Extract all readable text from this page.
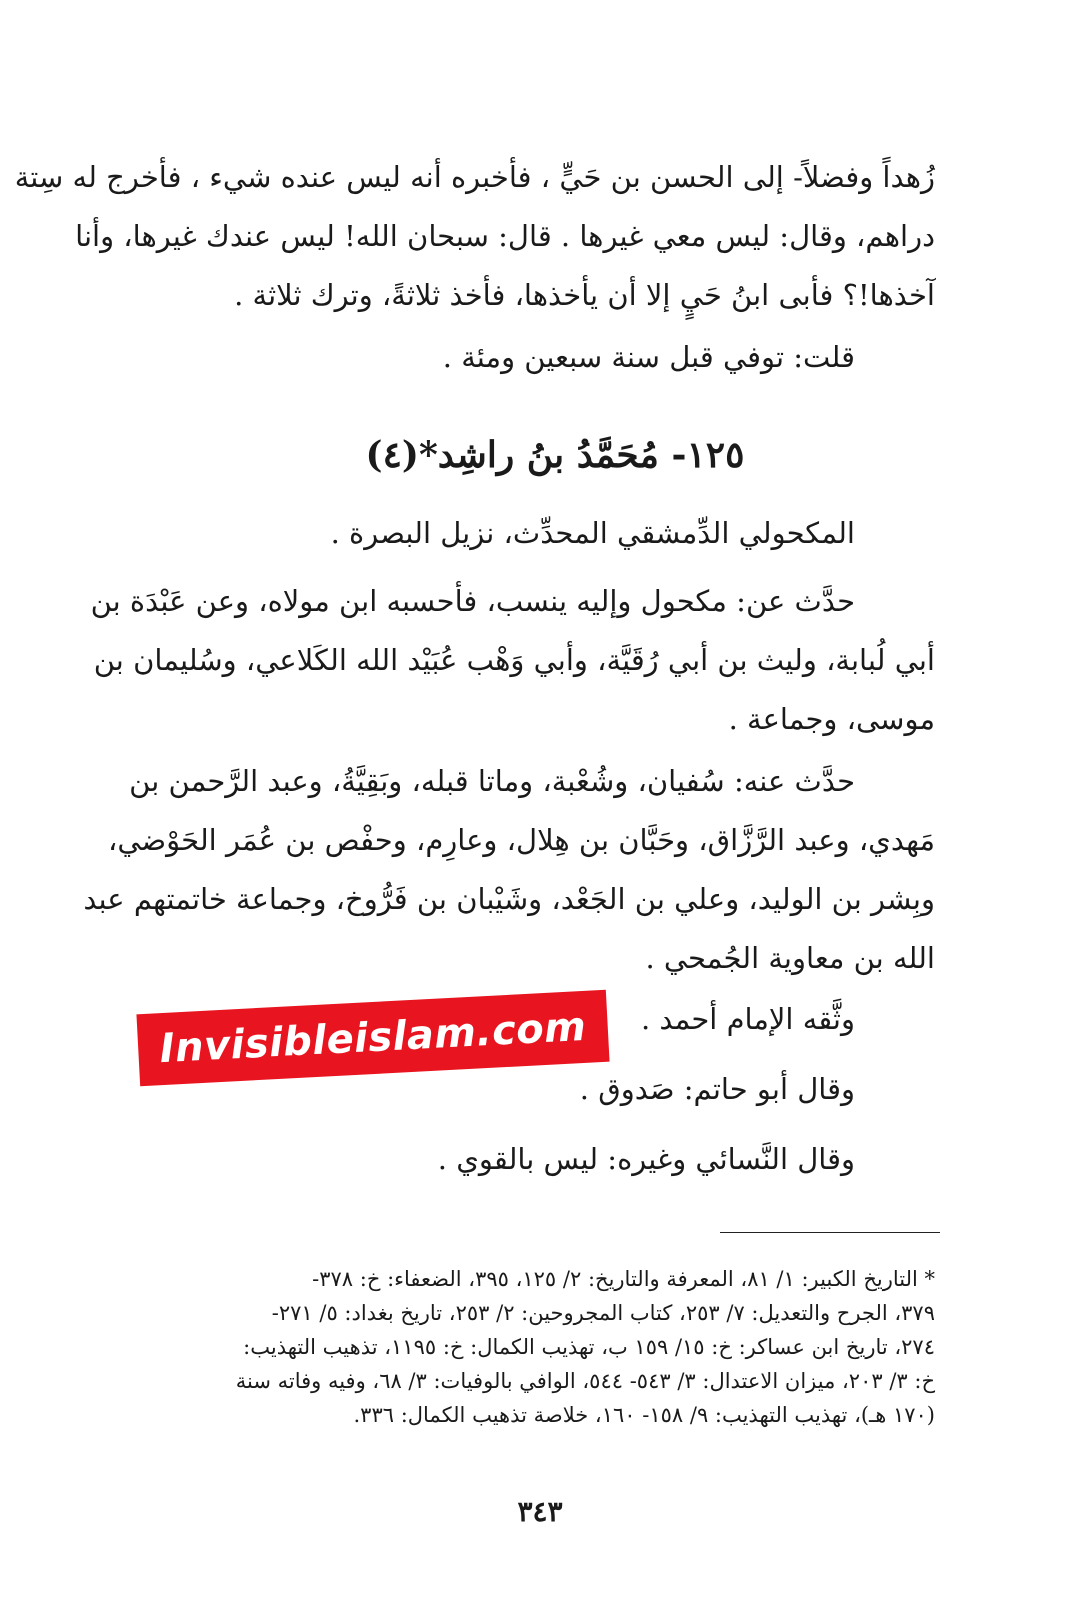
زُهداً وفضلاً- إلى الحسن بن حَيٍّ ، فأخبره أنه ليس عنده شيء ، فأخرج له سِتة
دراهم، وقال: ليس معي غيرها . قال: سبحان الله! ليس عندك غيرها، وأنا
آخذها!؟ فأبى ابنُ حَيٍ إلا أن يأخذها، فأخذ ثلاثةً، وترك ثلاثة .
قلت: توفي قبل سنة سبعين ومئة .
١٢٥- مُحَمَّدُ بنُ راشِد*(٤)
المكحولي الدِّمشقي المحدِّث، نزيل البصرة .
حدَّث عن: مكحول وإليه ينسب، فأحسبه ابن مولاه، وعن عَبْدَة بن
أبي لُبابة، وليث بن أبي رُقَيَّة، وأبي وَهْب عُبَيْد الله الكَلاعي، وسُليمان بن
موسى، وجماعة .
حدَّث عنه: سُفيان، وشُعْبة، وماتا قبله، وبَقِيَّةُ، وعبد الرَّحمن بن
مَهدي، وعبد الرَّزَّاق، وحَبَّان بن هِلال، وعارِم، وحفْص بن عُمَر الحَوْضي،
وبِشر بن الوليد، وعلي بن الجَعْد، وشَيْبان بن فَرُّوخ، وجماعة خاتمتهم عبد
الله بن معاوية الجُمحي .
وثَّقه الإمام أحمد .
وقال أبو حاتم: صَدوق .
وقال النَّسائي وغيره: ليس بالقوي .
* التاريخ الكبير: ١/ ٨١، المعرفة والتاريخ: ٢/ ١٢٥، ٣٩٥، الضعفاء: خ: ٣٧٨-
٣٧٩، الجرح والتعديل: ٧/ ٢٥٣، كتاب المجروحين: ٢/ ٢٥٣، تاريخ بغداد: ٥/ ٢٧١-
٢٧٤، تاريخ ابن عساكر: خ: ١٥/ ١٥٩ ب، تهذيب الكمال: خ: ١١٩٥، تذهيب التهذيب:
خ: ٣/ ٢٠٣، ميزان الاعتدال: ٣/ ٥٤٣- ٥٤٤، الوافي بالوفيات: ٣/ ٦٨، وفيه وفاته سنة
(١٧٠ هـ)، تهذيب التهذيب: ٩/ ١٥٨- ١٦٠، خلاصة تذهيب الكمال: ٣٣٦.
٣٤٣
Invisibleislam.com
